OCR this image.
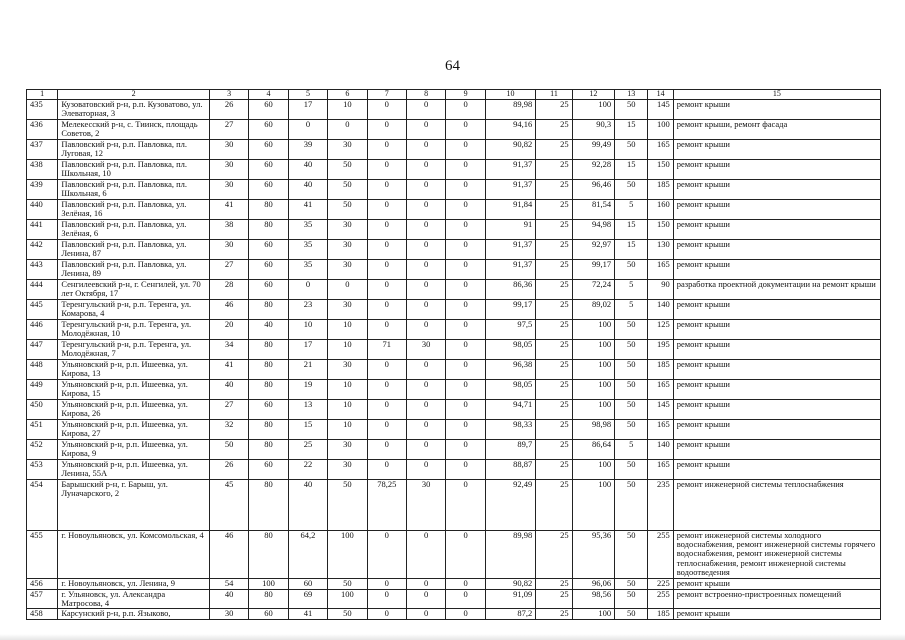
64
1	2	3	4	5	6	7	8	9	10	11	12	13	14	15
435	Кузоватовский р-н, р.п. Кузоватово, ул. Элеваторная, 3	26	60	17	10	0	0	0	89,98	25	100	50	145	ремонт крыши
436	Мелекесский р-н, с. Тиинск, площадь Советов, 2	27	60	0	0	0	0	0	94,16	25	90,3	15	100	ремонт крыши, ремонт фасада
437	Павловский р-н, р.п. Павловка, пл. Луговая, 12	30	60	39	30	0	0	0	90,82	25	99,49	50	165	ремонт крыши
438	Павловский р-н, р.п. Павловка, пл. Школьная, 10	30	60	40	50	0	0	0	91,37	25	92,28	15	150	ремонт крыши
439	Павловский р-н, р.п. Павловка, пл. Школьная, 6	30	60	40	50	0	0	0	91,37	25	96,46	50	185	ремонт крыши
440	Павловский р-н, р.п. Павловка, ул. Зелёная, 16	41	80	41	50	0	0	0	91,84	25	81,54	5	160	ремонт крыши
441	Павловский р-н, р.п. Павловка, ул. Зелёная, 6	38	80	35	30	0	0	0	91	25	94,98	15	150	ремонт крыши
442	Павловский р-н, р.п. Павловка, ул. Ленина, 87	30	60	35	30	0	0	0	91,37	25	92,97	15	130	ремонт крыши
443	Павловский р-н, р.п. Павловка, ул. Ленина, 89	27	60	35	30	0	0	0	91,37	25	99,17	50	165	ремонт крыши
444	Сенгилеевский р-н, г. Сенгилей, ул. 70 лет Октября, 17	28	60	0	0	0	0	0	86,36	25	72,24	5	90	разработка проектной документации на ремонт крыши
445	Теренгульский р-н, р.п. Теренга, ул. Комарова, 4	46	80	23	30	0	0	0	99,17	25	89,02	5	140	ремонт крыши
446	Теренгульский р-н, р.п. Теренга, ул. Молодёжная, 10	20	40	10	10	0	0	0	97,5	25	100	50	125	ремонт крыши
447	Теренгульский р-н, р.п. Теренга, ул. Молодёжная, 7	34	80	17	10	71	30	0	98,05	25	100	50	195	ремонт крыши
448	Ульяновский р-н, р.п. Ишеевка, ул. Кирова, 13	41	80	21	30	0	0	0	96,38	25	100	50	185	ремонт крыши
449	Ульяновский р-н, р.п. Ишеевка, ул. Кирова, 15	40	80	19	10	0	0	0	98,05	25	100	50	165	ремонт крыши
450	Ульяновский р-н, р.п. Ишеевка, ул. Кирова, 26	27	60	13	10	0	0	0	94,71	25	100	50	145	ремонт крыши
451	Ульяновский р-н, р.п. Ишеевка, ул. Кирова, 27	32	80	15	10	0	0	0	98,33	25	98,98	50	165	ремонт крыши
452	Ульяновский р-н, р.п. Ишеевка, ул. Кирова, 9	50	80	25	30	0	0	0	89,7	25	86,64	5	140	ремонт крыши
453	Ульяновский р-н, р.п. Ишеевка, ул. Ленина, 55А	26	60	22	30	0	0	0	88,87	25	100	50	165	ремонт крыши
454	Барышский р-н, г. Барыш, ул. Луначарского, 2	45	80	40	50	78,25	30	0	92,49	25	100	50	235	ремонт инженерной системы теплоснабжения
455	г. Новоульяновск, ул. Комсомольская, 4	46	80	64,2	100	0	0	0	89,98	25	95,36	50	255	ремонт инженерной системы холодного водоснабжения, ремонт инженерной системы горячего водоснабжения, ремонт инженерной системы теплоснабжения, ремонт инженерной системы водоотведения
456	г. Новоульяновск, ул. Ленина, 9	54	100	60	50	0	0	0	90,82	25	96,06	50	225	ремонт крыши
457	г. Ульяновск, ул. Александра Матросова, 4	40	80	69	100	0	0	0	91,09	25	98,56	50	255	ремонт встроенно-пристроенных помещений
458	Карсунский р-н, р.п. Языково,	30	60	41	50	0	0	0	87,2	25	100	50	185	ремонт крыши
